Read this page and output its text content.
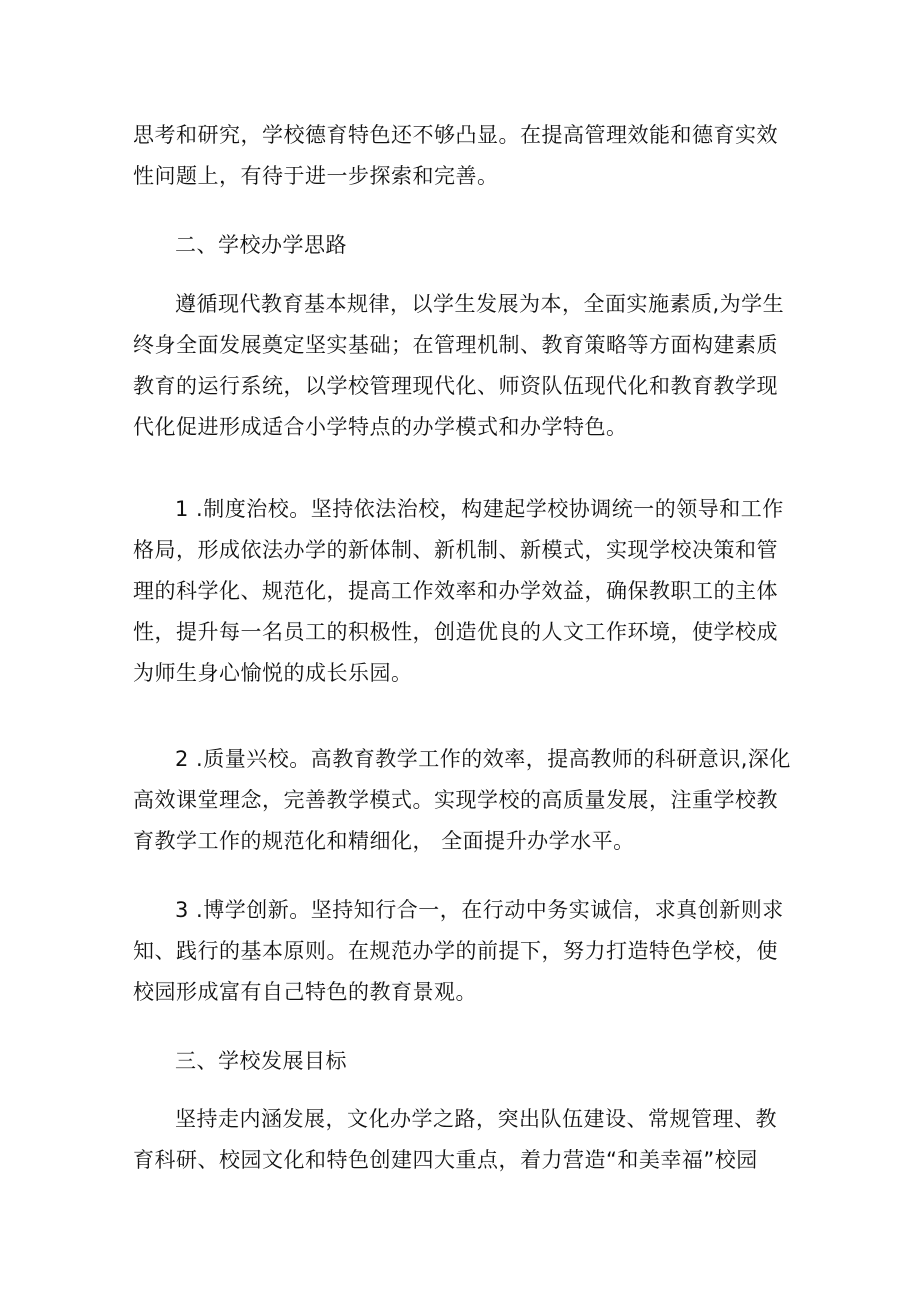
思考和研究，学校德育特色还不够凸显。在提高管理效能和德育实效
性问题上，有待于进一步探索和完善。
二、学校办学思路
遵循现代教育基本规律，以学生发展为本，全面实施素质,为学生
终身全面发展奠定坚实基础；在管理机制、教育策略等方面构建素质
教育的运行系统，以学校管理现代化、师资队伍现代化和教育教学现
代化促进形成适合小学特点的办学模式和办学特色。
1 .制度治校。坚持依法治校，构建起学校协调统一的领导和工作
格局，形成依法办学的新体制、新机制、新模式，实现学校决策和管
理的科学化、规范化，提高工作效率和办学效益，确保教职工的主体
性，提升每一名员工的积极性，创造优良的人文工作环境，使学校成
为师生身心愉悦的成长乐园。
2 .质量兴校。高教育教学工作的效率，提高教师的科研意识,深化
高效课堂理念，完善教学模式。实现学校的高质量发展，注重学校教
育教学工作的规范化和精细化， 全面提升办学水平。
3 .博学创新。坚持知行合一，在行动中务实诚信，求真创新则求
知、践行的基本原则。在规范办学的前提下，努力打造特色学校，使
校园形成富有自己特色的教育景观。
三、学校发展目标
坚持走内涵发展，文化办学之路，突出队伍建设、常规管理、教
育科研、校园文化和特色创建四大重点，着力营造“和美幸福”校园
